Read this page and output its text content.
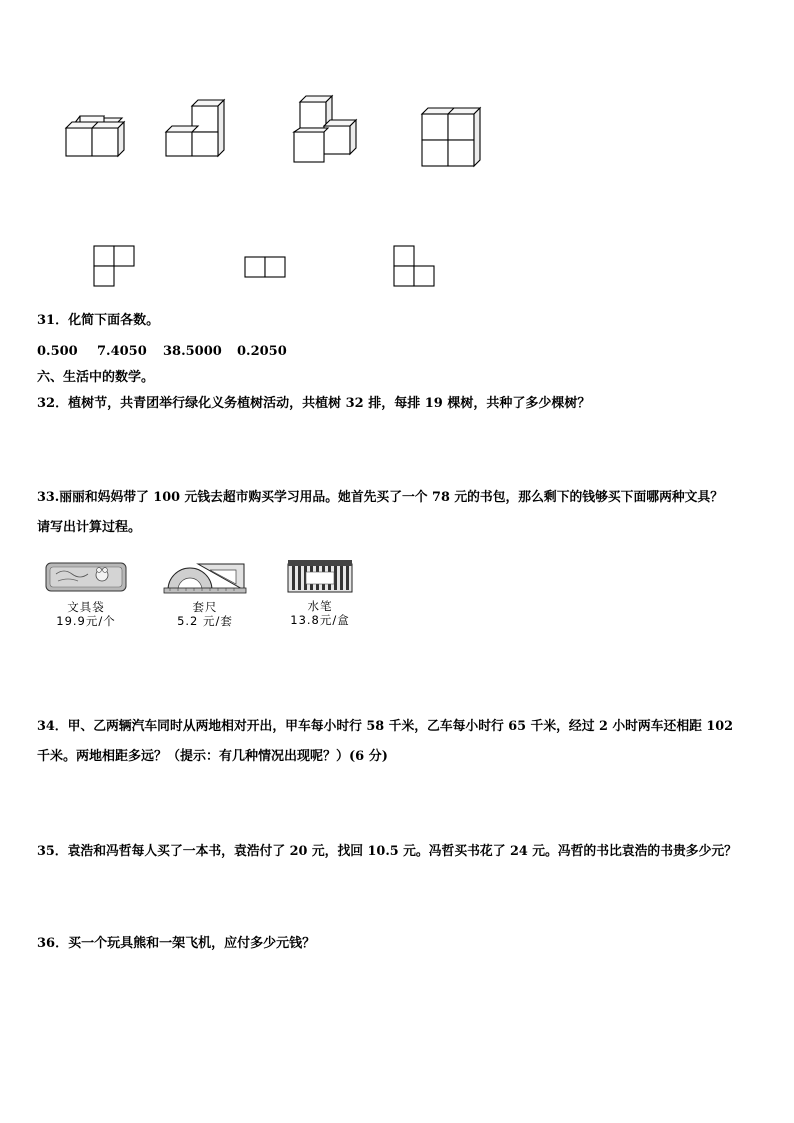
31．化简下面各数。
0.500 7.4050 38.5000 0.2050
六、生活中的数学。
32．植树节，共青团举行绿化义务植树活动，共植树 32 排，每排 19 棵树，共种了多少棵树？
33.丽丽和妈妈带了 100 元钱去超市购买学习用品。她首先买了一个 78 元的书包，那么剩下的钱够买下面哪两种文具？
请写出计算过程。
文具袋
19.9元/个
套尺
5.2 元/套
水笔
13.8元/盒
34．甲、乙两辆汽车同时从两地相对开出，甲车每小时行 58 千米，乙车每小时行 65 千米，经过 2 小时两车还相距 102
千米。两地相距多远？（提示：有几种情况出现呢？）(6 分)
35．袁浩和冯哲每人买了一本书，袁浩付了 20 元，找回 10.5 元。冯哲买书花了 24 元。冯哲的书比袁浩的书贵多少元？
36．买一个玩具熊和一架飞机，应付多少元钱？
